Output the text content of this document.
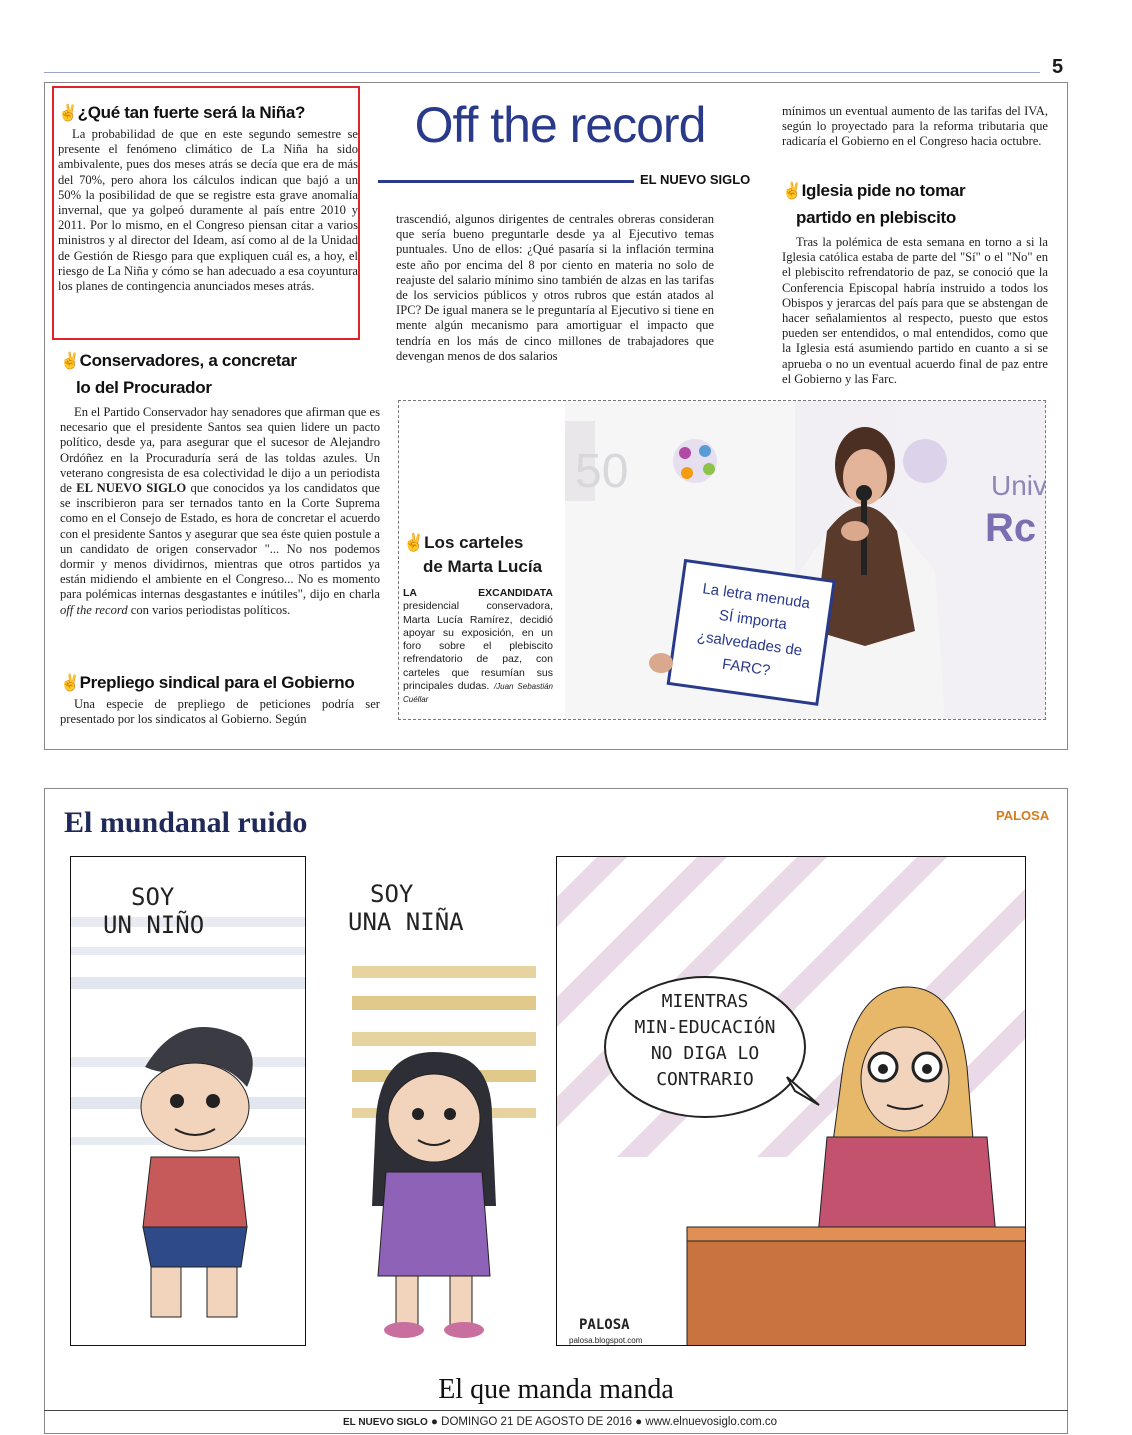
5
✌¿Qué tan fuerte será la Niña?
La probabilidad de que en este segundo semestre se presente el fenómeno climático de La Niña ha sido ambivalente, pues dos meses atrás se decía que era de más del 70%, pero ahora los cálculos indican que bajó a un 50% la posibilidad de que se registre esta grave anomalía invernal, que ya golpeó duramente al país entre 2010 y 2011. Por lo mismo, en el Congreso piensan citar a varios ministros y al director del Ideam, así como al de la Unidad de Gestión de Riesgo para que expliquen cuál es, a hoy, el riesgo de La Niña y cómo se han adecuado a esa coyuntura los planes de contingencia anunciados meses atrás.
✌Conservadores, a concretar
lo del Procurador
En el Partido Conservador hay senadores que afirman que es necesario que el presidente Santos sea quien lidere un pacto político, desde ya, para asegurar que el sucesor de Alejandro Ordóñez en la Procuraduría será de las toldas azules. Un veterano congresista de esa colectividad le dijo a un periodista de EL NUEVO SIGLO que conocidos ya los candidatos que se inscribieron para ser ternados tanto en la Corte Suprema como en el Consejo de Estado, es hora de concretar el acuerdo con el presidente Santos y asegurar que sea éste quien postule a un candidato de origen conservador "... No nos podemos dormir y menos dividirnos, mientras que otros partidos ya están midiendo el ambiente en el Congreso... No es momento para polémicas internas desgastantes e inútiles", dijo en charla off the record con varios periodistas políticos.
✌Prepliego sindical para el Gobierno
Una especie de prepliego de peticiones podría ser presentado por los sindicatos al Gobierno. Según
Off the record
EL NUEVO SIGLO
trascendió, algunos dirigentes de centrales obreras consideran que sería bueno preguntarle desde ya al Ejecutivo temas puntuales. Uno de ellos: ¿Qué pasaría si la inflación termina este año por encima del 8 por ciento en materia no solo de reajuste del salario mínimo sino también de alzas en las tarifas de los servicios públicos y otros rubros que están atados al IPC? De igual manera se le preguntaría al Ejecutivo si tiene en mente algún mecanismo para amortiguar el impacto que tendría en los más de cinco millones de trabajadores que devengan menos de dos salarios
mínimos un eventual aumento de las tarifas del IVA, según lo proyectado para la reforma tributaria que radicaría el Gobierno en el Congreso hacia octubre.
✌Iglesia pide no tomar
partido en plebiscito
Tras la polémica de esta semana en torno a si la Iglesia católica estaba de parte del "Sí" o el "No" en el plebiscito refrendatorio de paz, se conoció que la Conferencia Episcopal habría instruido a todos los Obispos y jerarcas del país para que se abstengan de hacer señalamientos al respecto, puesto que estos pueden ser entendidos, o mal entendidos, como que la Iglesia está asumiendo partido en cuanto a si se aprueba o no un eventual acuerdo final de paz entre el Gobierno y las Farc.
✌Los carteles
de Marta Lucía
LA EXCANDIDATA presidencial conservadora, Marta Lucía Ramírez, decidió apoyar su exposición, en un foro sobre el plebiscito refrendatorio de paz, con carteles que resumían sus principales dudas. /Juan Sebastián Cuéllar
50	Univ
Rc
La letra menuda
SÍ importa
¿salvedades de
FARC?
El mundanal ruido	PALOSA
SOY
UN NIÑO
SOY
UNA NIÑA
MIENTRAS
MIN-EDUCACIÓN
NO DIGA LO
CONTRARIO
PALOSA
palosa.blogspot.com
El que manda manda
EL NUEVO SIGLO ● DOMINGO 21 DE AGOSTO DE 2016 ● www.elnuevosiglo.com.co
